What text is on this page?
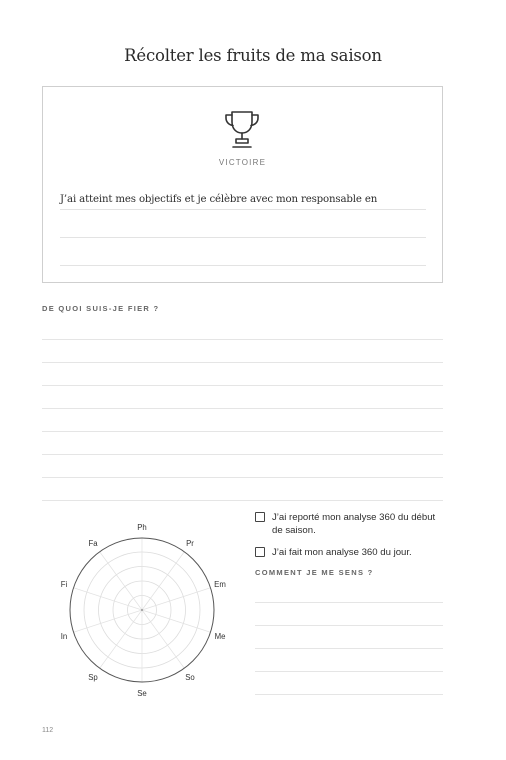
Récolter les fruits de ma saison
VICTOIRE
J’ai atteint mes objectifs et je célèbre avec mon responsable en
DE QUOI SUIS-JE FIER ?
Ph
Pr
Em
Me
So
Se
Sp
In
Fi
Fa
J’ai reporté mon analyse 360 du début de saison.
J’ai fait mon analyse 360 du jour.
COMMENT JE ME SENS ?
112
